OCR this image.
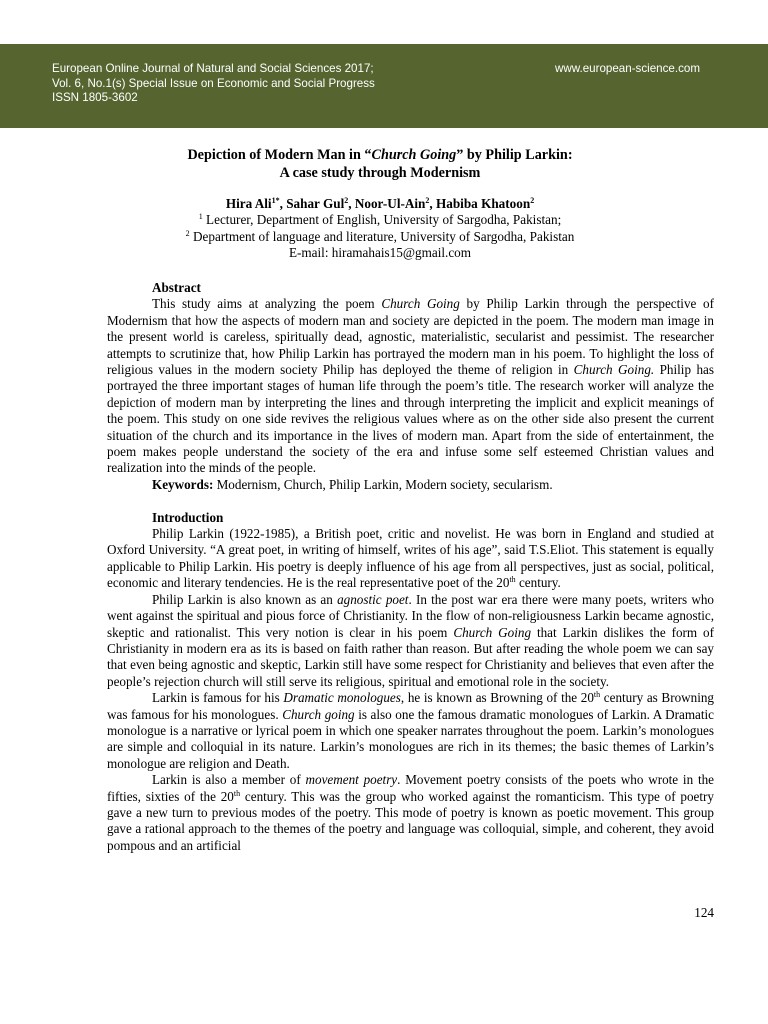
European Online Journal of Natural and Social Sciences 2017;
Vol. 6, No.1(s) Special Issue on Economic and Social Progress
ISSN 1805-3602
www.european-science.com
Depiction of Modern Man in “Church Going” by Philip Larkin:
A case study through Modernism
Hira Ali$^{1*}$, Sahar Gul$^2$, Noor-Ul-Ain$^2$, Habiba Khatoon$^2$
$^1$ Lecturer, Department of English, University of Sargodha, Pakistan;
$^2$ Department of language and literature, University of Sargodha, Pakistan
E-mail: hiramahais15@gmail.com
Abstract

This study aims at analyzing the poem Church Going by Philip Larkin through the perspective of Modernism that how the aspects of modern man and society are depicted in the poem. The modern man image in the present world is careless, spiritually dead, agnostic, materialistic, secularist and pessimist. The researcher attempts to scrutinize that, how Philip Larkin has portrayed the modern man in his poem. To highlight the loss of religious values in the modern society Philip has deployed the theme of religion in Church Going. Philip has portrayed the three important stages of human life through the poem’s title. The research worker will analyze the depiction of modern man by interpreting the lines and through interpreting the implicit and explicit meanings of the poem. This study on one side revives the religious values where as on the other side also present the current situation of the church and its importance in the lives of modern man. Apart from the side of entertainment, the poem makes people understand the society of the era and infuse some self esteemed Christian values and realization into the minds of the people.

Keywords: Modernism, Church, Philip Larkin, Modern society, secularism.

Introduction

Philip Larkin (1922-1985), a British poet, critic and novelist. He was born in England and studied at Oxford University. “A great poet, in writing of himself, writes of his age”, said T.S.Eliot. This statement is equally applicable to Philip Larkin. His poetry is deeply influence of his age from all perspectives, just as social, political, economic and literary tendencies. He is the real representative poet of the 20th century.

Philip Larkin is also known as an agnostic poet. In the post war era there were many poets, writers who went against the spiritual and pious force of Christianity. In the flow of non-religiousness Larkin became agnostic, skeptic and rationalist. This very notion is clear in his poem Church Going that Larkin dislikes the form of Christianity in modern era as its is based on faith rather than reason. But after reading the whole poem we can say that even being agnostic and skeptic, Larkin still have some respect for Christianity and believes that even after the people’s rejection church will still serve its religious, spiritual and emotional role in the society.

Larkin is famous for his Dramatic monologues, he is known as Browning of the 20th century as Browning was famous for his monologues. Church going is also one the famous dramatic monologues of Larkin. A Dramatic monologue is a narrative or lyrical poem in which one speaker narrates throughout the poem. Larkin’s monologues are simple and colloquial in its nature. Larkin’s monologues are rich in its themes; the basic themes of Larkin’s monologue are religion and Death.

Larkin is also a member of movement poetry. Movement poetry consists of the poets who wrote in the fifties, sixties of the 20th century. This was the group who worked against the romanticism. This type of poetry gave a new turn to previous modes of the poetry. This mode of poetry is known as poetic movement. This group gave a rational approach to the themes of the poetry and language was colloquial, simple, and coherent, they avoid pompous and an artificial

124
